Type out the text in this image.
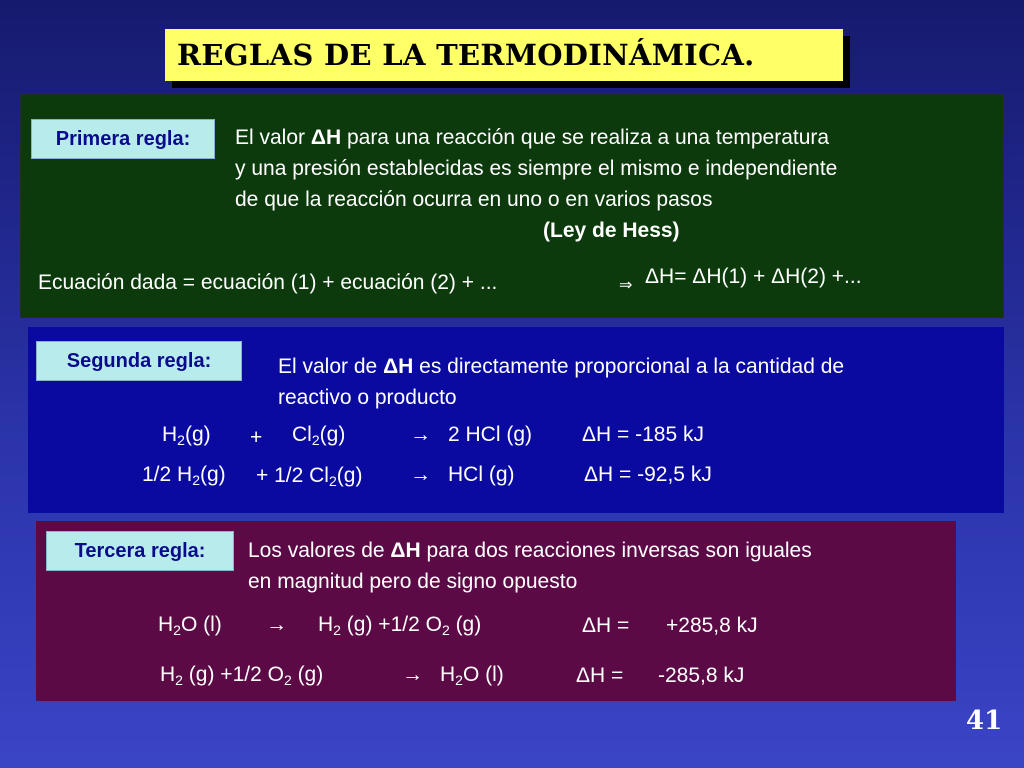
REGLAS DE LA TERMODINÁMICA.
Primera regla:	El valor ΔH para una reacción que se realiza a una temperatura
y una presión establecidas es siempre el mismo e independiente
de que la reacción ocurra en uno o en varios pasos
(Ley de Hess)
Ecuación dada = ecuación (1) + ecuación (2) + ...	⇒ ΔH= ΔH(1) + ΔH(2) +...
Segunda regla:	El valor de ΔH es directamente proporcional a la cantidad de
reactivo o producto
$H_2(g) + Cl_2(g)$	→ 2 HCl (g) ΔH = -185 kJ
1/2 $H_2(g) + 1/2$ $Cl_2(g)$ → HCl (g)	ΔH = -92,5 kJ
Tercera regla:	Los valores de ΔH para dos reacciones inversas son iguales
en magnitud pero de signo opuesto
$H_2O$ $(l) \to H_2$ (g) +1/2 $O_2$ (g)	ΔH = +285,8 kJ
$H_2$ (g) +1/2 $O_2$ (g)	→ $H_2O$ (l)	ΔH = -285,8 kJ
41
